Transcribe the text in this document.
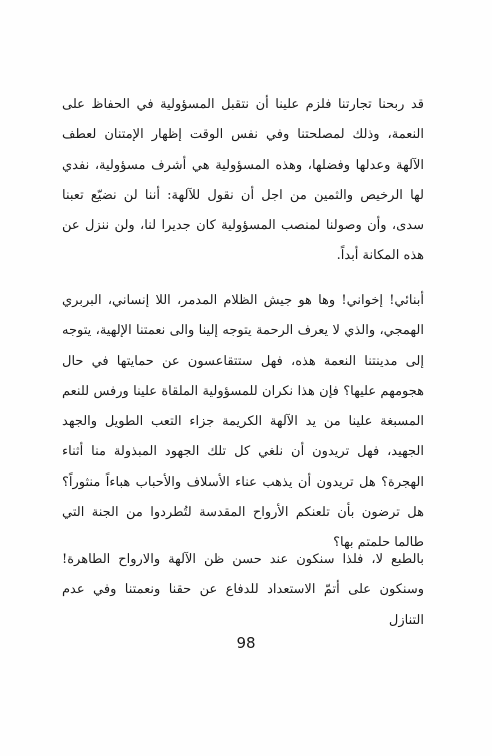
قد ربحنا تجارتنا فلزم علينا أن نتقبل المسؤولية في الحفاظ على النعمة، وذلك لمصلحتنا وفي نفس الوقت إظهار الإمتنان لعطف الآلهة وعدلها وفضلها، وهذه المسؤولية هي أشرف مسؤولية، نفدي لها الرخيص والثمين من اجل أن نقول للآلهة: أننا لن نضيّع تعبنا سدى، وأن وصولنا لمنصب المسؤولية كان جديرا لنا، ولن ننزل عن هذه المكانة أبداً.

أبنائي! إخواني! وها هو جيش الظلام المدمر، اللا إنساني، البربري الهمجي، والذي لا يعرف الرحمة يتوجه إلينا والى نعمتنا الإلهية، يتوجه إلى مدينتنا النعمة هذه، فهل ستتقاعسون عن حمايتها في حال هجومهم عليها؟ فإن هذا نكران للمسؤولية الملقاة علينا ورفس للنعم المسبغة علينا من يد الآلهة الكريمة جزاء التعب الطويل والجهد الجهيد، فهل تريدون أن نلغي كل تلك الجهود المبذولة منا أثناء الهجرة؟ هل تريدون أن يذهب عناء الأسلاف والأحباب هباءاً منثوراً؟ هل ترضون بأن تلعنكم الأرواح المقدسة لتُطردوا من الجنة التي طالما حلمتم بها؟

بالطبع لا، فلذا سنكون عند حسن ظن الآلهة والارواح الطاهرة! وسنكون على أتمّ الاستعداد للدفاع عن حقنا ونعمتنا وفي عدم التنازل

98
